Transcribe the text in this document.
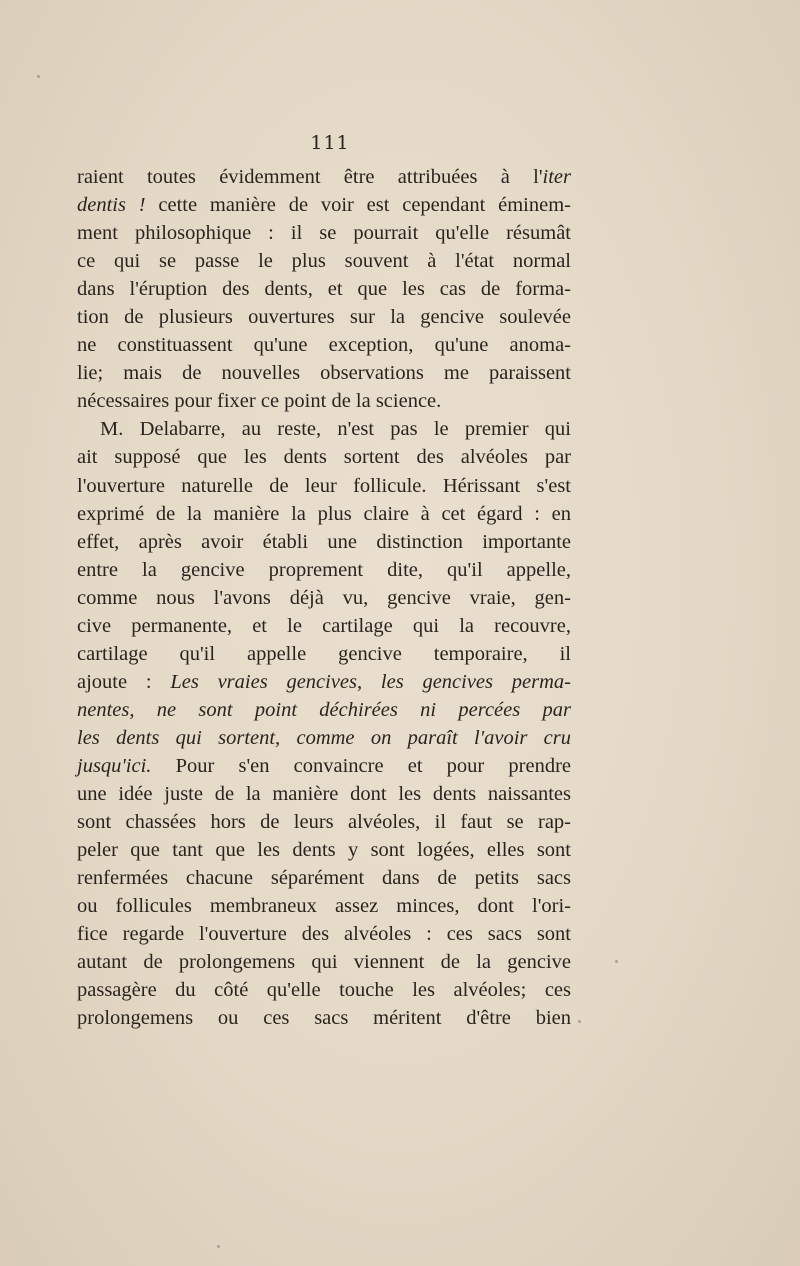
111
raient toutes évidemment être attribuées à l'iter
dentis ! cette manière de voir est cependant éminem-
ment philosophique : il se pourrait qu'elle résumât
ce qui se passe le plus souvent à l'état normal
dans l'éruption des dents, et que les cas de forma-
tion de plusieurs ouvertures sur la gencive soulevée
ne constituassent qu'une exception, qu'une anoma-
lie; mais de nouvelles observations me paraissent
nécessaires pour fixer ce point de la science.
M. Delabarre, au reste, n'est pas le premier qui
ait supposé que les dents sortent des alvéoles par
l'ouverture naturelle de leur follicule. Hérissant s'est
exprimé de la manière la plus claire à cet égard : en
effet, après avoir établi une distinction importante
entre la gencive proprement dite, qu'il appelle,
comme nous l'avons déjà vu, gencive vraie, gen-
cive permanente, et le cartilage qui la recouvre,
cartilage qu'il appelle gencive temporaire, il
ajoute : Les vraies gencives, les gencives perma-
nentes, ne sont point déchirées ni percées par
les dents qui sortent, comme on paraît l'avoir cru
jusqu'ici. Pour s'en convaincre et pour prendre
une idée juste de la manière dont les dents naissantes
sont chassées hors de leurs alvéoles, il faut se rap-
peler que tant que les dents y sont logées, elles sont
renfermées chacune séparément dans de petits sacs
ou follicules membraneux assez minces, dont l'ori-
fice regarde l'ouverture des alvéoles : ces sacs sont
autant de prolongemens qui viennent de la gencive
passagère du côté qu'elle touche les alvéoles; ces
prolongemens ou ces sacs méritent d'être bien
